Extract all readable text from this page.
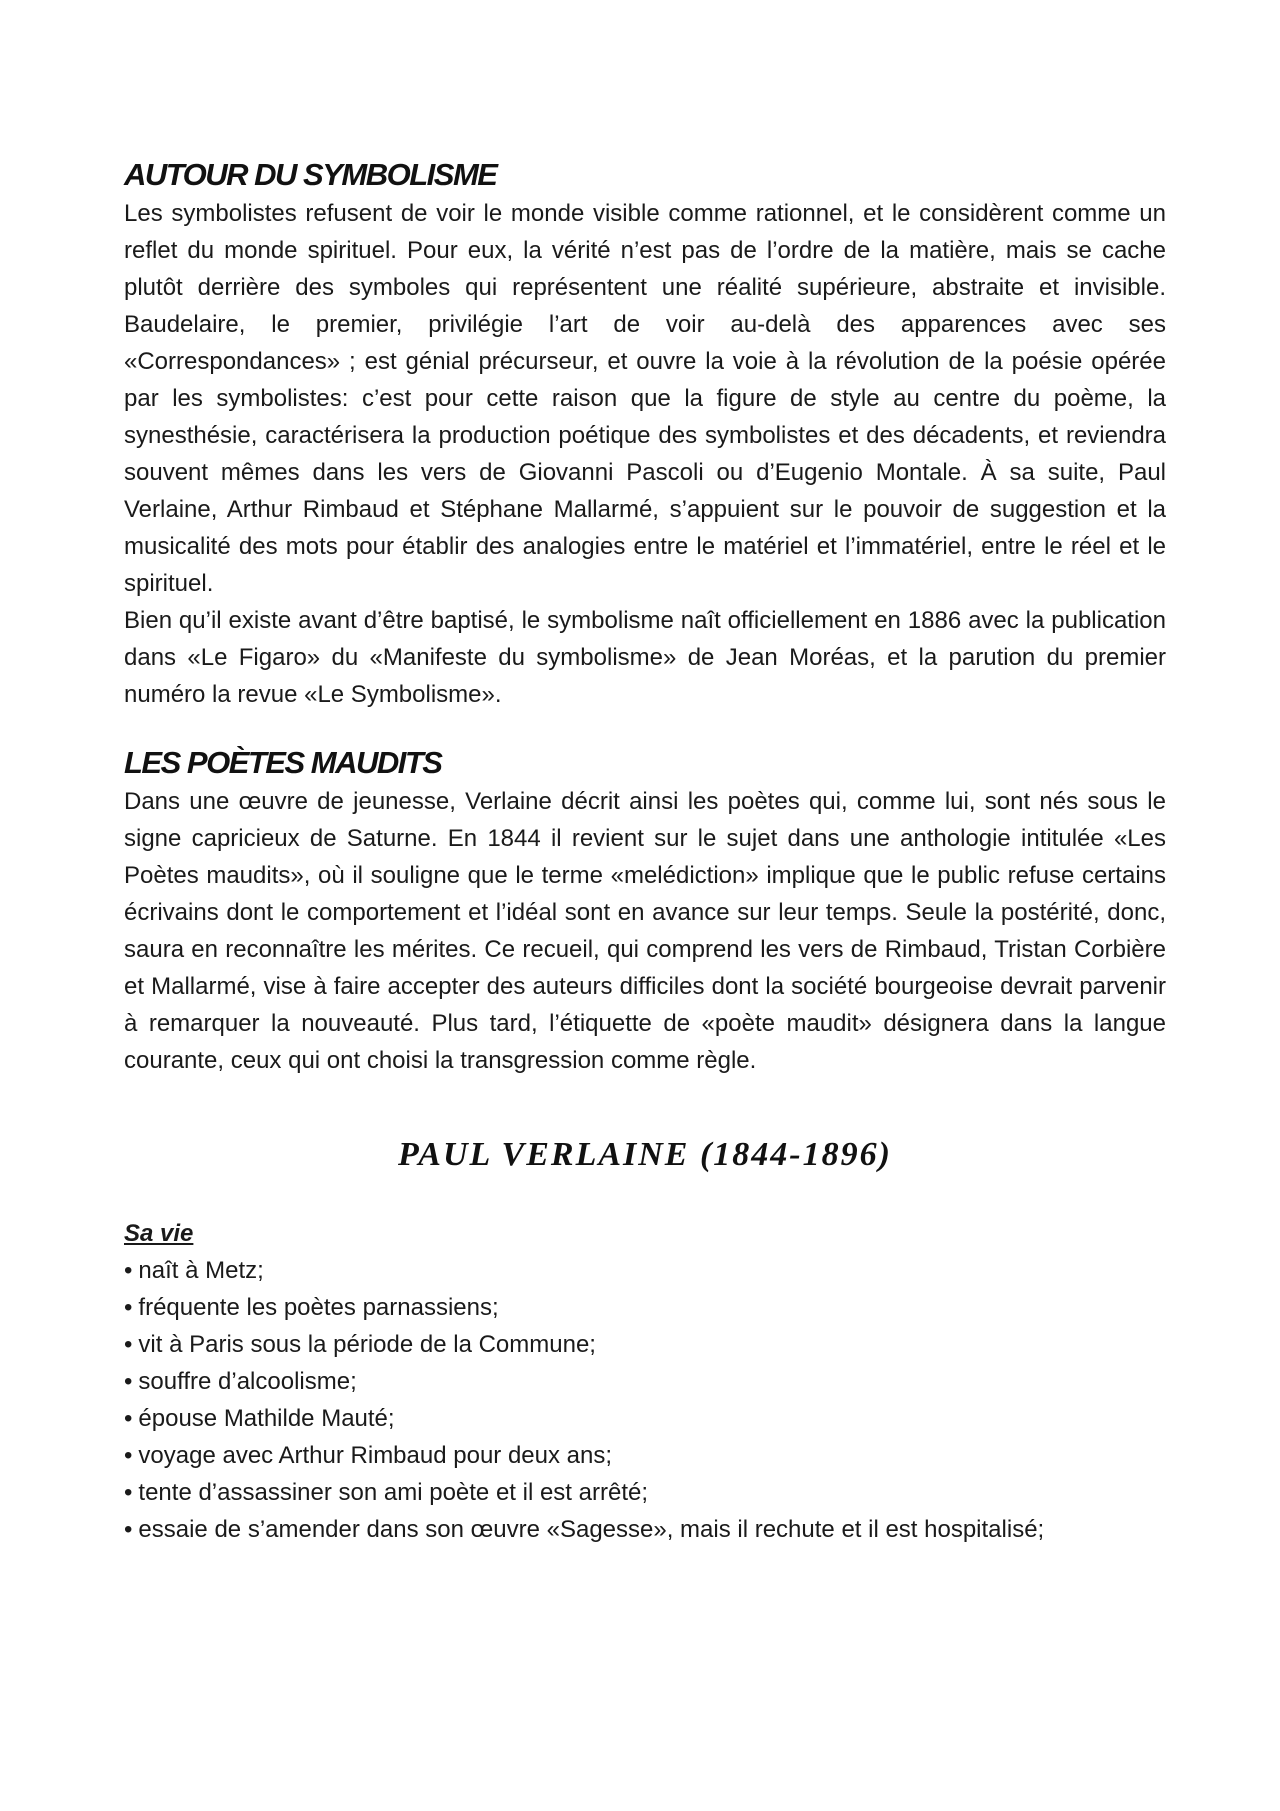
AUTOUR DU SYMBOLISME

Les symbolistes refusent de voir le monde visible comme rationnel, et le considèrent comme un reflet du monde spirituel. Pour eux, la vérité n’est pas de l’ordre de la matière, mais se cache plutôt derrière des symboles qui représentent une réalité supérieure, abstraite et invisible. Baudelaire, le premier, privilégie l’art de voir au-delà des apparences avec ses «Correspondances» ; est génial précurseur, et ouvre la voie à la révolution de la poésie opérée par les symbolistes: c’est pour cette raison que la figure de style au centre du poème, la synesthésie, caractérisera la production poétique des symbolistes et des décadents, et reviendra souvent mêmes dans les vers de Giovanni Pascoli ou d’Eugenio Montale. À sa suite, Paul Verlaine, Arthur Rimbaud et Stéphane Mallarmé, s’appuient sur le pouvoir de suggestion et la musicalité des mots pour établir des analogies entre le matériel et l’immatériel, entre le réel et le spirituel.

Bien qu’il existe avant d’être baptisé, le symbolisme naît officiellement en 1886 avec la publication dans «Le Figaro» du «Manifeste du symbolisme» de Jean Moréas, et la parution du premier numéro la revue «Le Symbolisme».

LES POÈTES MAUDITS

Dans une œuvre de jeunesse, Verlaine décrit ainsi les poètes qui, comme lui, sont nés sous le signe capricieux de Saturne. En 1844 il revient sur le sujet dans une anthologie intitulée «Les Poètes maudits», où il souligne que le terme «melédiction» implique que le public refuse certains écrivains dont le comportement et l’idéal sont en avance sur leur temps. Seule la postérité, donc, saura en reconnaître les mérites. Ce recueil, qui comprend les vers de Rimbaud, Tristan Corbière et Mallarmé, vise à faire accepter des auteurs difficiles dont la société bourgeoise devrait parvenir à remarquer la nouveauté. Plus tard, l’étiquette de «poète maudit» désignera dans la langue courante, ceux qui ont choisi la transgression comme règle.

PAUL VERLAINE (1844-1896)
Sa vie
• naît à Metz;
• fréquente les poètes parnassiens;
• vit à Paris sous la période de la Commune;
• souffre d’alcoolisme;
• épouse Mathilde Mauté;
• voyage avec Arthur Rimbaud pour deux ans;
• tente d’assassiner son ami poète et il est arrêté;
• essaie de s’amender dans son œuvre «Sagesse», mais il rechute et il est hospitalisé;
